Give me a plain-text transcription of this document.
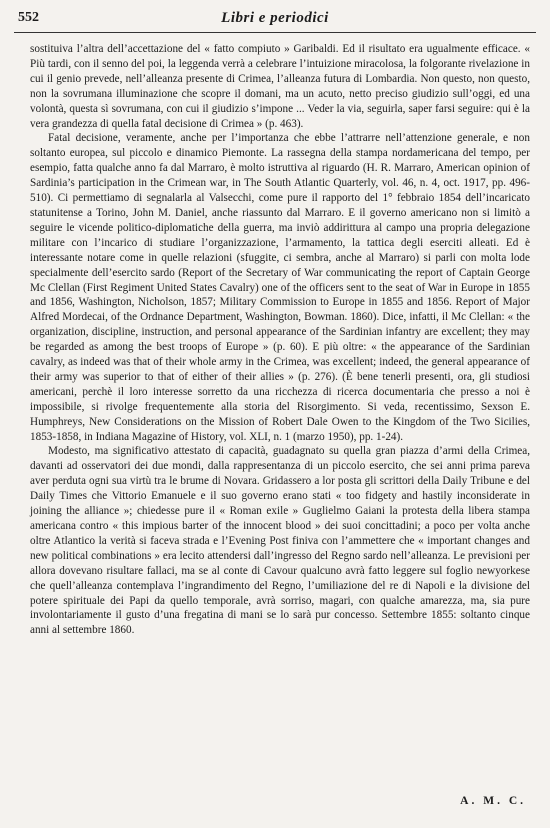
552	Libri e periodici

sostituiva l’altra dell’accettazione del « fatto compiuto » Garibaldi. Ed il risultato era ugualmente efficace. « Più tardi, con il senno del poi, la leggenda verrà a celebrare l’intuizione miracolosa, la folgorante rivelazione in cui il genio prevede, nell’alleanza presente di Crimea, l’alleanza futura di Lombardia. Non questo, non questo, non la sovrumana illuminazione che scopre il domani, ma un acuto, netto preciso giudizio sull’oggi, ed una volontà, questa sì sovrumana, con cui il giudizio s’impone ... Veder la via, seguirla, saper farsi seguire: qui è la vera grandezza di quella fatal decisione di Crimea » (p. 463).

Fatal decisione, veramente, anche per l’importanza che ebbe l’attrarre nell’attenzione generale, e non soltanto europea, sul piccolo e dinamico Piemonte. La rassegna della stampa nordamericana del tempo, per esempio, fatta qualche anno fa dal Marraro, è molto istruttiva al riguardo (H. R. Marraro, American opinion of Sardinia’s participation in the Crimean war, in The South Atlantic Quarterly, vol. 46, n. 4, oct. 1917, pp. 496-510). Ci permettiamo di segnalarla al Valsecchi, come pure il rapporto del 1° febbraio 1854 dell’incaricato statunitense a Torino, John M. Daniel, anche riassunto dal Marraro. E il governo americano non si limitò a seguire le vicende politico-diplomatiche della guerra, ma inviò addirittura al campo una propria delegazione militare con l’incarico di studiare l’organizzazione, l’armamento, la tattica degli eserciti alleati. Ed è interessante notare come in quelle relazioni (sfuggite, ci sembra, anche al Marraro) si parli con molta lode specialmente dell’esercito sardo (Report of the Secretary of War communicating the report of Captain George Mc Clellan (First Regiment United States Cavalry) one of the officers sent to the seat of War in Europe in 1855 and 1856, Washington, Nicholson, 1857; Military Commission to Europe in 1855 and 1856. Report of Major Alfred Mordecai, of the Ordnance Department, Washington, Bowman. 1860). Dice, infatti, il Mc Clellan: « the organization, discipline, instruction, and personal appearance of the Sardinian infantry are excellent; they may be regarded as among the best troops of Europe » (p. 60). E più oltre: « the appearance of the Sardinian cavalry, as indeed was that of their whole army in the Crimea, was excellent; indeed, the general appearance of their army was superior to that of either of their allies » (p. 276). (È bene tenerli presenti, ora, gli studiosi americani, perchè il loro interesse sorretto da una ricchezza di ricerca documentaria che presso a noi è impossibile, si rivolge frequentemente alla storia del Risorgimento. Si veda, recentissimo, Sexson E. Humphreys, New Considerations on the Mission of Robert Dale Owen to the Kingdom of the Two Sicilies, 1853-1858, in Indiana Magazine of History, vol. XLI, n. 1 (marzo 1950), pp. 1-24).

Modesto, ma significativo attestato di capacità, guadagnato su quella gran piazza d’armi della Crimea, davanti ad osservatori dei due mondi, dalla rappresentanza di un piccolo esercito, che sei anni prima pareva aver perduta ogni sua virtù tra le brume di Novara. Gridassero a lor posta gli scrittori della Daily Tribune e del Daily Times che Vittorio Emanuele e il suo governo erano stati « too fidgety and hastily inconsiderate in joining the alliance »; chiedesse pure il « Roman exile » Guglielmo Gaiani la protesta della libera stampa americana contro « this impious barter of the innocent blood » dei suoi concittadini; a poco per volta anche oltre Atlantico la verità si faceva strada e l’Evening Post finiva con l’ammettere che « important changes and new political combinations » era lecito attendersi dall’ingresso del Regno sardo nell’alleanza. Le previsioni per allora dovevano risultare fallaci, ma se al conte di Cavour qualcuno avrà fatto leggere sul foglio newyorkese che quell’alleanza contemplava l’ingrandimento del Regno, l’umiliazione del re di Napoli e la divisione del potere spirituale dei Papi da quello temporale, avrà sorriso, magari, con qualche amarezza, ma, sia pure involontariamente il gusto d’una fregatina di mani se lo sarà pur concesso. Settembre 1855: soltanto cinque anni al settembre 1860.

A. M. C.
